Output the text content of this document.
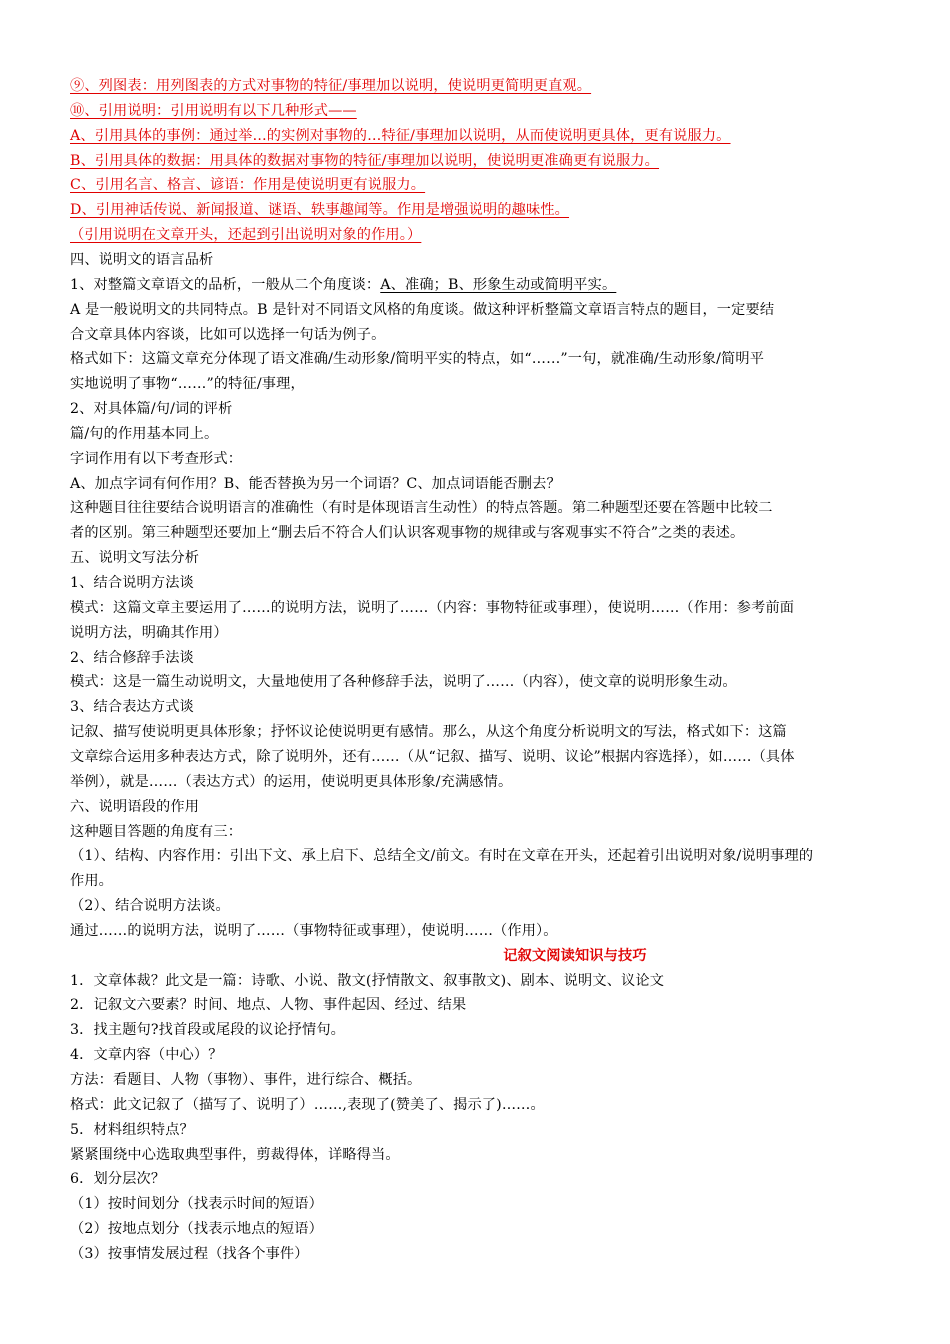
⑨、列图表：用列图表的方式对事物的特征/事理加以说明，使说明更简明更直观。
⑩、引用说明：引用说明有以下几种形式——
A、引用具体的事例：通过举…的实例对事物的…特征/事理加以说明，从而使说明更具体，更有说服力。
B、引用具体的数据：用具体的数据对事物的特征/事理加以说明，使说明更准确更有说服力。
C、引用名言、格言、谚语：作用是使说明更有说服力。
D、引用神话传说、新闻报道、谜语、轶事趣闻等。作用是增强说明的趣味性。
（引用说明在文章开头，还起到引出说明对象的作用。）
四、说明文的语言品析
1、对整篇文章语文的品析，一般从二个角度谈：A、准确；B、形象生动或简明平实。
A 是一般说明文的共同特点。B 是针对不同语文风格的角度谈。做这种评析整篇文章语言特点的题目，一定要结
合文章具体内容谈，比如可以选择一句话为例子。
格式如下：这篇文章充分体现了语文准确/生动形象/简明平实的特点，如“……”一句，就准确/生动形象/简明平
实地说明了事物“……”的特征/事理，
2、对具体篇/句/词的评析
篇/句的作用基本同上。
字词作用有以下考查形式：
A、加点字词有何作用？B、能否替换为另一个词语？C、加点词语能否删去？
这种题目往往要结合说明语言的准确性（有时是体现语言生动性）的特点答题。第二种题型还要在答题中比较二
者的区别。第三种题型还要加上“删去后不符合人们认识客观事物的规律或与客观事实不符合”之类的表述。
五、说明文写法分析
1、结合说明方法谈
模式：这篇文章主要运用了……的说明方法，说明了……（内容：事物特征或事理），使说明……（作用：参考前面
说明方法，明确其作用）
2、结合修辞手法谈
模式：这是一篇生动说明文，大量地使用了各种修辞手法，说明了……（内容），使文章的说明形象生动。
3、结合表达方式谈
记叙、描写使说明更具体形象；抒怀议论使说明更有感情。那么，从这个角度分析说明文的写法，格式如下：这篇
文章综合运用多种表达方式，除了说明外，还有……（从“记叙、描写、说明、议论”根据内容选择），如……（具体
举例），就是……（表达方式）的运用，使说明更具体形象/充满感情。
六、说明语段的作用
这种题目答题的角度有三：
（1）、结构、内容作用：引出下文、承上启下、总结全文/前文。有时在文章在开头，还起着引出说明对象/说明事理的
作用。
（2）、结合说明方法谈。
通过……的说明方法，说明了……（事物特征或事理），使说明……（作用）。
记叙文阅读知识与技巧
1．文章体裁？此文是一篇：诗歌、小说、散文(抒情散文、叙事散文)、剧本、说明文、议论文
2．记叙文六要素？时间、地点、人物、事件起因、经过、结果
3．找主题句?找首段或尾段的议论抒情句。
4．文章内容（中心）？
方法：看题目、人物（事物）、事件，进行综合、概括。
格式：此文记叙了（描写了、说明了）……,表现了(赞美了、揭示了)……。
5．材料组织特点？
紧紧围绕中心选取典型事件，剪裁得体，详略得当。
6．划分层次？
（1）按时间划分（找表示时间的短语）
（2）按地点划分（找表示地点的短语）
（3）按事情发展过程（找各个事件）
